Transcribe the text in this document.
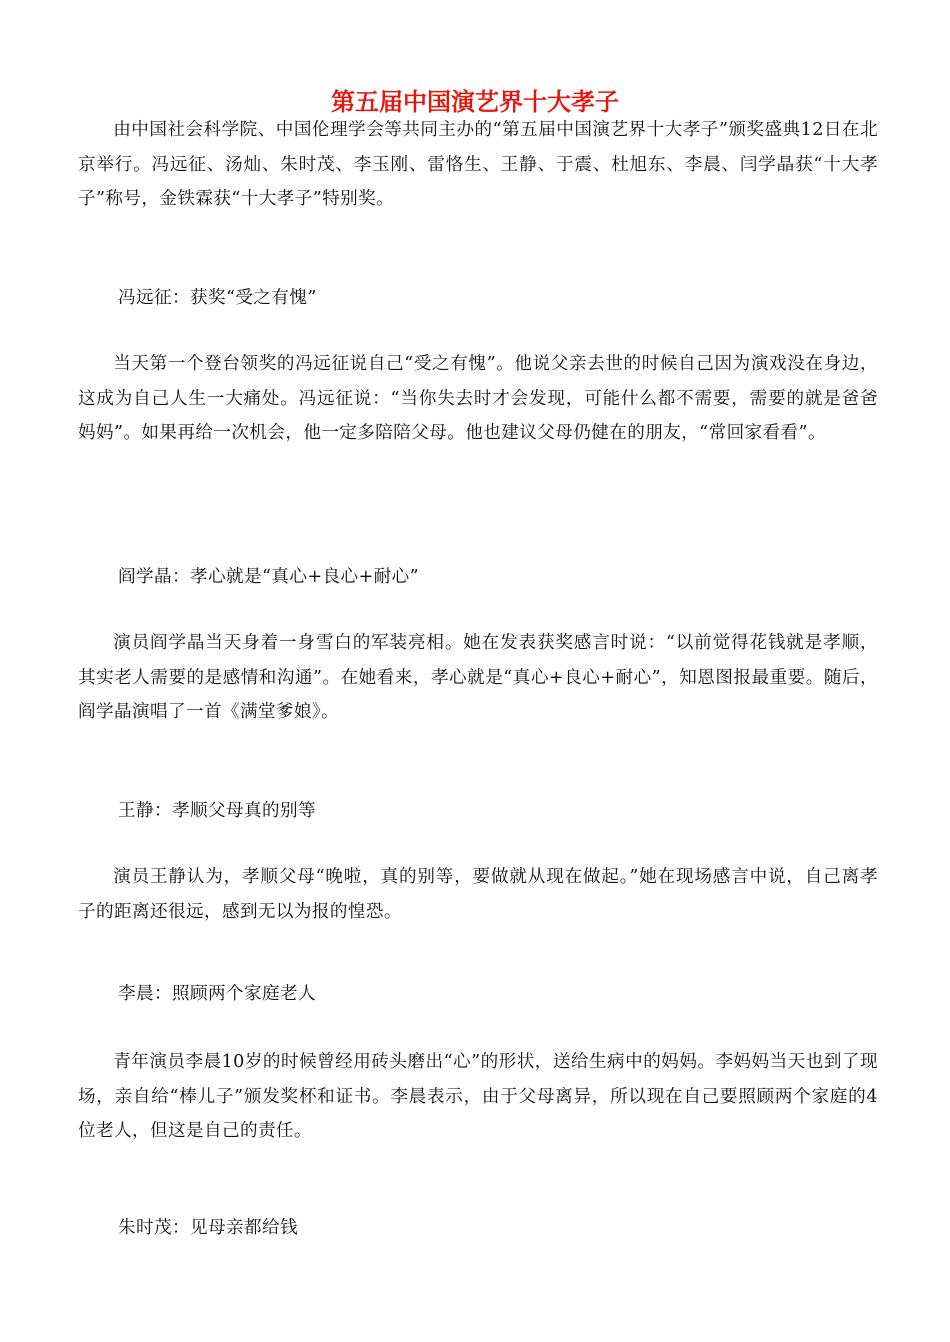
第五届中国演艺界十大孝子

由中国社会科学院、中国伦理学会等共同主办的“第五届中国演艺界十大孝子”颁奖盛典12日在北京举行。冯远征、汤灿、朱时茂、李玉刚、雷恪生、王静、于震、杜旭东、李晨、闫学晶获“十大孝子”称号，金铁霖获“十大孝子”特别奖。

冯远征：获奖“受之有愧”

当天第一个登台领奖的冯远征说自己“受之有愧”。他说父亲去世的时候自己因为演戏没在身边，这成为自己人生一大痛处。冯远征说：“当你失去时才会发现，可能什么都不需要，需要的就是爸爸妈妈”。如果再给一次机会，他一定多陪陪父母。他也建议父母仍健在的朋友，“常回家看看”。

阎学晶：孝心就是“真心+良心+耐心”

演员阎学晶当天身着一身雪白的军装亮相。她在发表获奖感言时说：“以前觉得花钱就是孝顺，其实老人需要的是感情和沟通”。在她看来，孝心就是“真心+良心+耐心”，知恩图报最重要。随后，阎学晶演唱了一首《满堂爹娘》。

王静：孝顺父母真的别等

演员王静认为，孝顺父母“晚啦，真的别等，要做就从现在做起。”她在现场感言中说，自己离孝子的距离还很远，感到无以为报的惶恐。

李晨：照顾两个家庭老人

青年演员李晨10岁的时候曾经用砖头磨出“心”的形状，送给生病中的妈妈。李妈妈当天也到了现场，亲自给“棒儿子”颁发奖杯和证书。李晨表示，由于父母离异，所以现在自己要照顾两个家庭的4位老人，但这是自己的责任。

朱时茂：见母亲都给钱
